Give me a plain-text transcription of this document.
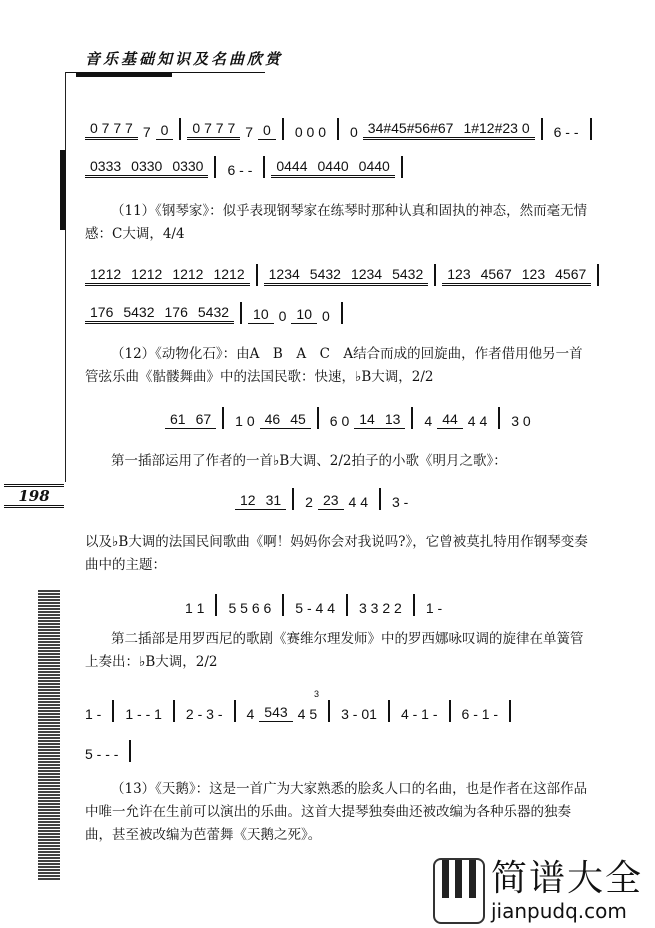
音乐基础知识及名曲欣赏
198
0 7 7 7 7 0	0 7 7 7 7 0	0 0 0	0 34#45#56#67 1#12#23 0	6 - -
0333 0330 0330	6 - -	0444 0440 0440
（11）《钢琴家》：似乎表现钢琴家在练琴时那种认真和固执的神态，然而毫无情感：C大调，4/4
1212 1212 1212 1212	1234 5432 1234 5432	123 4567 123 4567
176 5432 176 5432	10 0 10 0
（12）《动物化石》：由A　B　A　C　A结合而成的回旋曲，作者借用他另一首管弦乐曲《骷髅舞曲》中的法国民歌：快速，♭B大调，2/2
61 67	1 0 46 45	6 0 14 13	4 44 4 4	3 0
第一插部运用了作者的一首♭B大调、2/2拍子的小歌《明月之歌》：
12 31	2 23 4 4	3 -
以及♭B大调的法国民间歌曲《啊！妈妈你会对我说吗?》，它曾被莫扎特用作钢琴变奏曲中的主题：
1 1	5 5 6 6	5 - 4 4	3 3 2 2	1 -
第二插部是用罗西尼的歌剧《赛维尔理发师》中的罗西娜咏叹调的旋律在单簧管上奏出：♭B大调，2/2
1 -	1 - - 1	2 - 3 -	4 543 4 5	3 - 01	4 - 1 -	6 - 1 -
3
5 - - -
（13）《天鹅》：这是一首广为大家熟悉的脍炙人口的名曲，也是作者在这部作品中唯一允许在生前可以演出的乐曲。这首大提琴独奏曲还被改编为各种乐器的独奏曲，甚至被改编为芭蕾舞《天鹅之死》。
简谱大全
jianpudq.com
